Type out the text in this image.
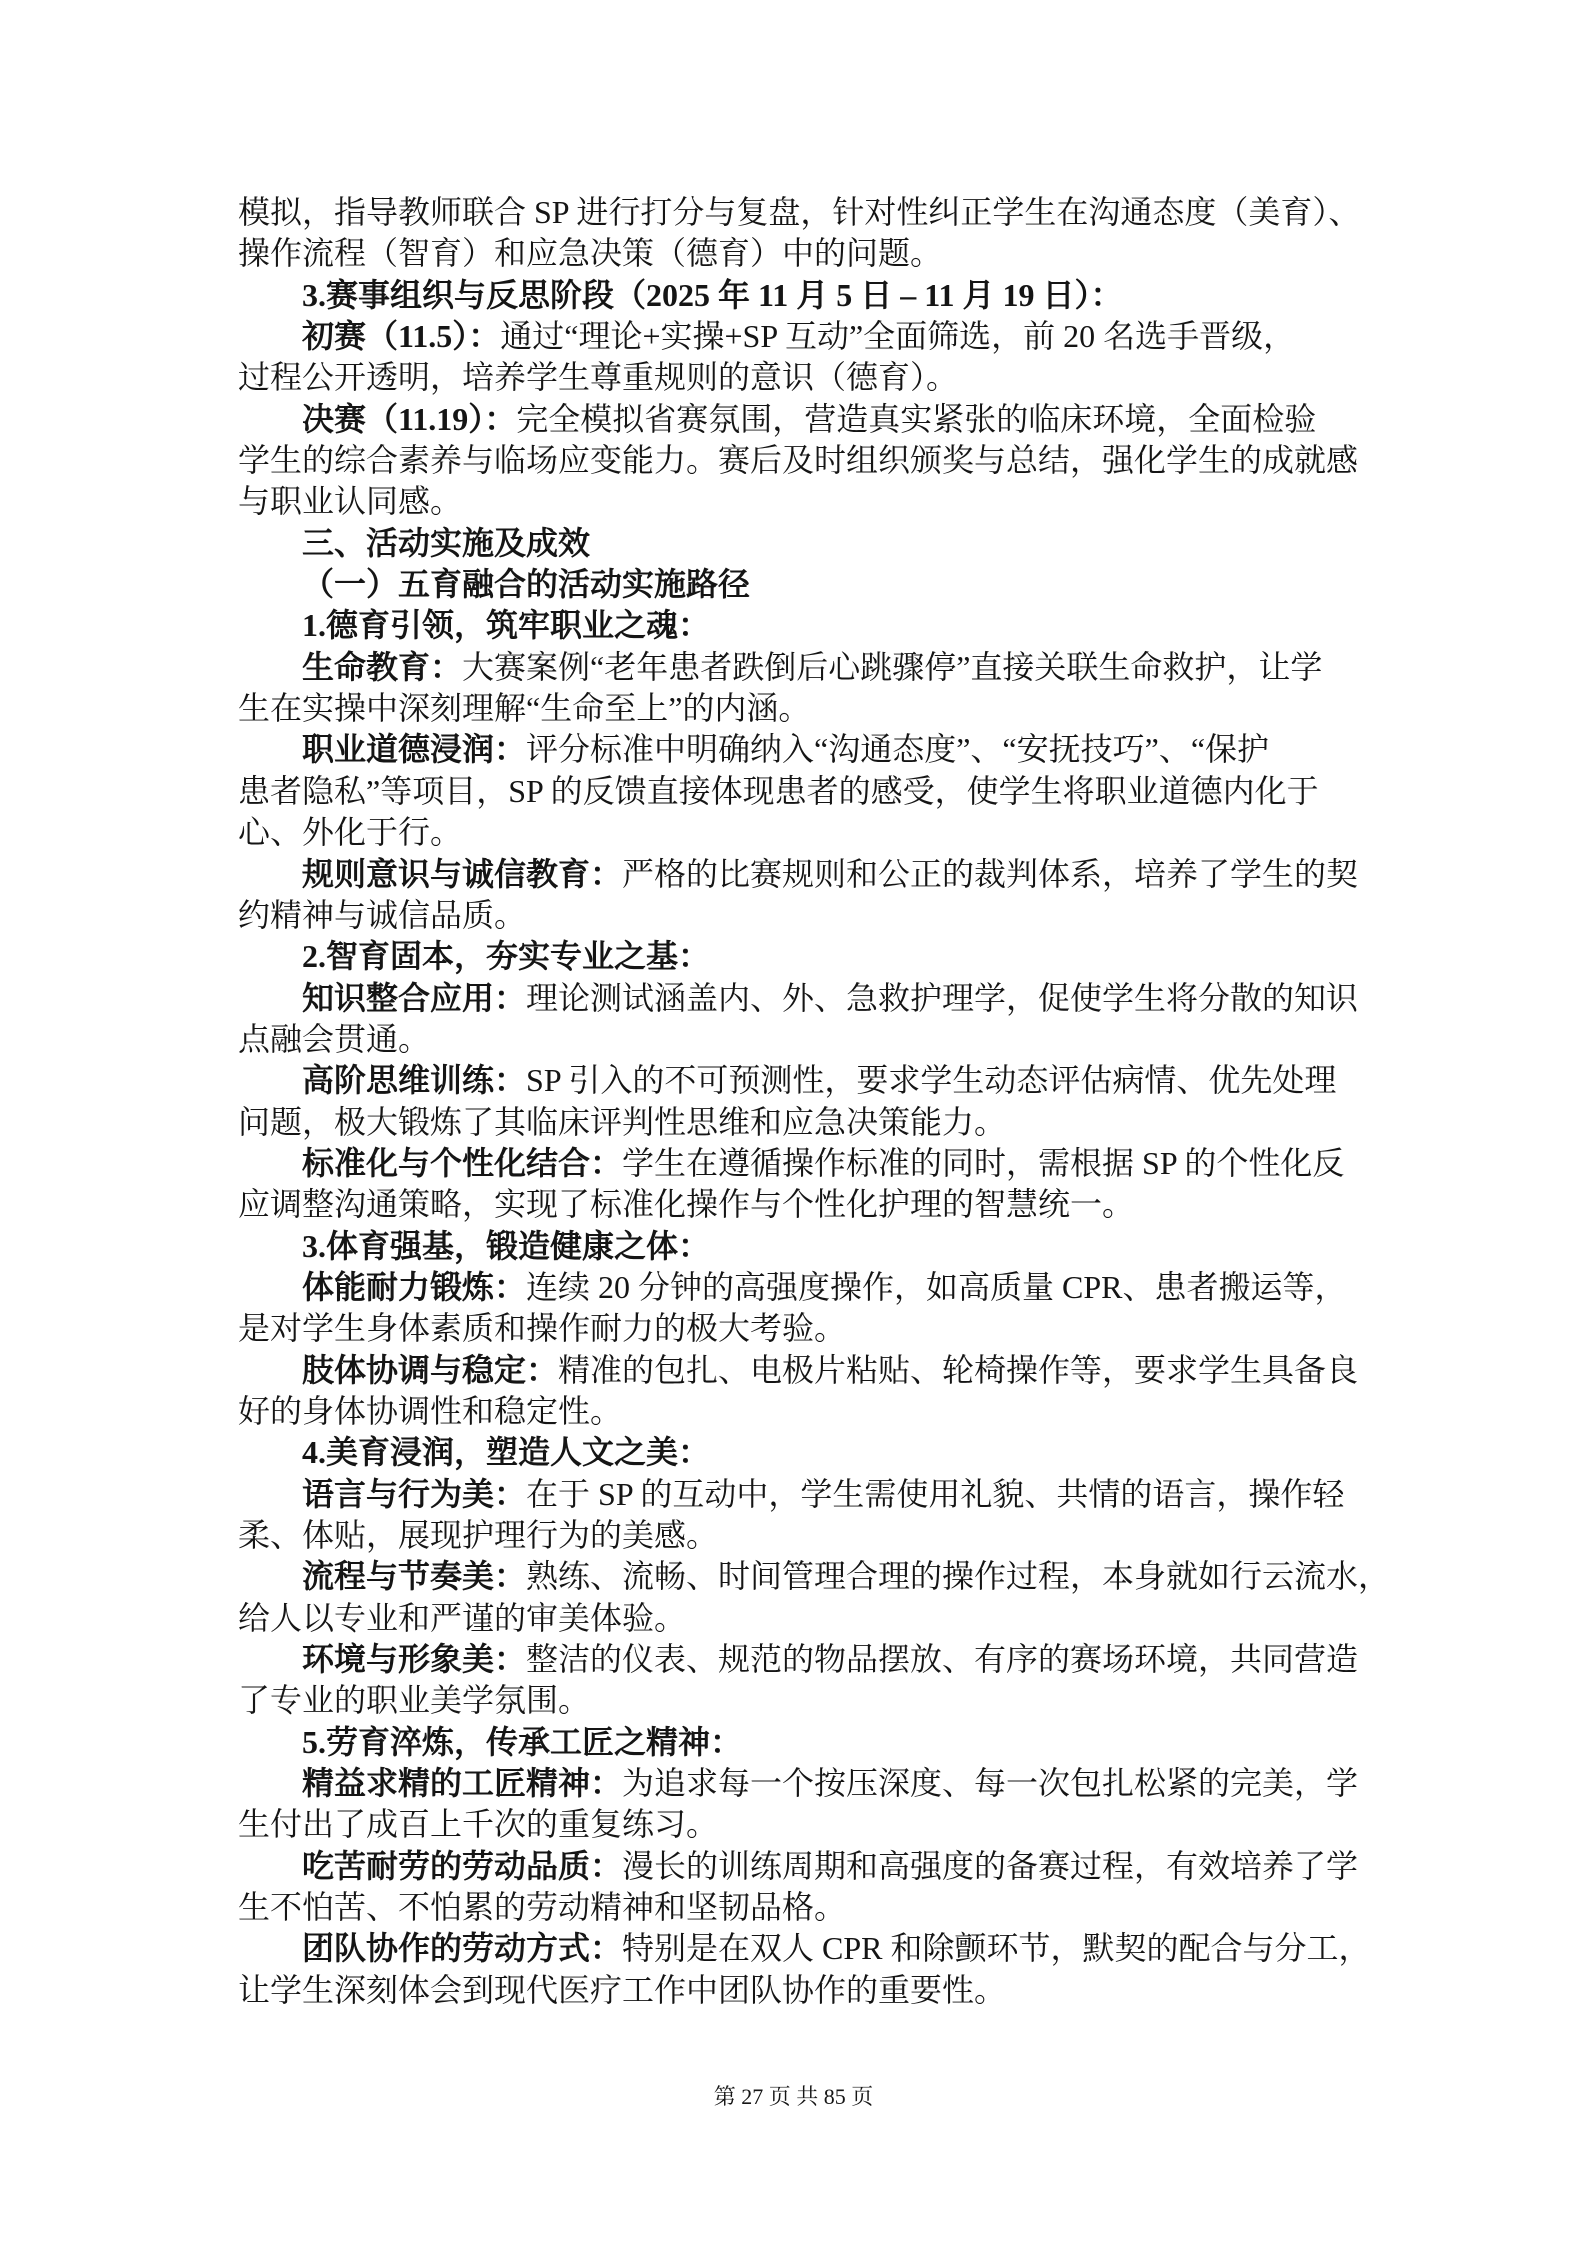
模拟，指导教师联合 SP 进行打分与复盘，针对性纠正学生在沟通态度（美育）、
操作流程（智育）和应急决策（德育）中的问题。
3.赛事组织与反思阶段（2025 年 11 月 5 日 – 11 月 19 日）：
初赛（11.5）：通过“理论+实操+SP 互动”全面筛选，前 20 名选手晋级，
过程公开透明，培养学生尊重规则的意识（德育）。
决赛（11.19）：完全模拟省赛氛围，营造真实紧张的临床环境，全面检验
学生的综合素养与临场应变能力。赛后及时组织颁奖与总结，强化学生的成就感
与职业认同感。
三、活动实施及成效
（一）五育融合的活动实施路径
1.德育引领，筑牢职业之魂：
生命教育：大赛案例“老年患者跌倒后心跳骤停”直接关联生命救护，让学
生在实操中深刻理解“生命至上”的内涵。
职业道德浸润：评分标准中明确纳入“沟通态度”、“安抚技巧”、“保护
患者隐私”等项目，SP 的反馈直接体现患者的感受，使学生将职业道德内化于
心、外化于行。
规则意识与诚信教育：严格的比赛规则和公正的裁判体系，培养了学生的契
约精神与诚信品质。
2.智育固本，夯实专业之基：
知识整合应用：理论测试涵盖内、外、急救护理学，促使学生将分散的知识
点融会贯通。
高阶思维训练：SP 引入的不可预测性，要求学生动态评估病情、优先处理
问题，极大锻炼了其临床评判性思维和应急决策能力。
标准化与个性化结合：学生在遵循操作标准的同时，需根据 SP 的个性化反
应调整沟通策略，实现了标准化操作与个性化护理的智慧统一。
3.体育强基，锻造健康之体：
体能耐力锻炼：连续 20 分钟的高强度操作，如高质量 CPR、患者搬运等，
是对学生身体素质和操作耐力的极大考验。
肢体协调与稳定：精准的包扎、电极片粘贴、轮椅操作等，要求学生具备良
好的身体协调性和稳定性。
4.美育浸润，塑造人文之美：
语言与行为美：在于 SP 的互动中，学生需使用礼貌、共情的语言，操作轻
柔、体贴，展现护理行为的美感。
流程与节奏美：熟练、流畅、时间管理合理的操作过程，本身就如行云流水，
给人以专业和严谨的审美体验。
环境与形象美：整洁的仪表、规范的物品摆放、有序的赛场环境，共同营造
了专业的职业美学氛围。
5.劳育淬炼，传承工匠之精神：
精益求精的工匠精神：为追求每一个按压深度、每一次包扎松紧的完美，学
生付出了成百上千次的重复练习。
吃苦耐劳的劳动品质：漫长的训练周期和高强度的备赛过程，有效培养了学
生不怕苦、不怕累的劳动精神和坚韧品格。
团队协作的劳动方式：特别是在双人 CPR 和除颤环节，默契的配合与分工，
让学生深刻体会到现代医疗工作中团队协作的重要性。
第 27 页 共 85 页
